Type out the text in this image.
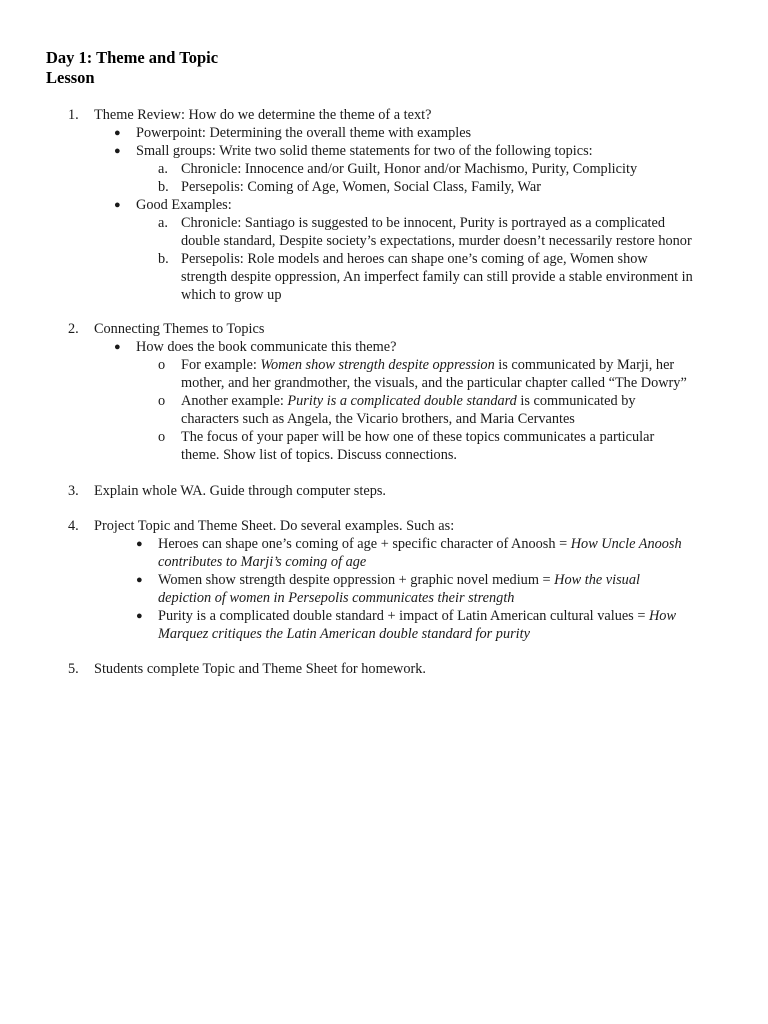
Day 1: Theme and Topic
Lesson
1. Theme Review: How do we determine the theme of a text?
● Powerpoint: Determining the overall theme with examples
● Small groups: Write two solid theme statements for two of the following topics:
a. Chronicle: Innocence and/or Guilt, Honor and/or Machismo, Purity, Complicity
b. Persepolis: Coming of Age, Women, Social Class, Family, War
● Good Examples:
a. Chronicle: Santiago is suggested to be innocent, Purity is portrayed as a complicated
double standard, Despite society’s expectations, murder doesn’t necessarily restore honor
b. Persepolis: Role models and heroes can shape one’s coming of age, Women show
strength despite oppression, An imperfect family can still provide a stable environment in
which to grow up
2. Connecting Themes to Topics
● How does the book communicate this theme?
o For example: Women show strength despite oppression is communicated by Marji, her
mother, and her grandmother, the visuals, and the particular chapter called “The Dowry”
o Another example: Purity is a complicated double standard is communicated by
characters such as Angela, the Vicario brothers, and Maria Cervantes
o The focus of your paper will be how one of these topics communicates a particular
theme. Show list of topics. Discuss connections.
3. Explain whole WA. Guide through computer steps.
4. Project Topic and Theme Sheet. Do several examples. Such as:
● Heroes can shape one’s coming of age + specific character of Anoosh = How Uncle Anoosh
contributes to Marji’s coming of age
● Women show strength despite oppression + graphic novel medium = How the visual
depiction of women in Persepolis communicates their strength
● Purity is a complicated double standard + impact of Latin American cultural values = How
Marquez critiques the Latin American double standard for purity
5. Students complete Topic and Theme Sheet for homework.
